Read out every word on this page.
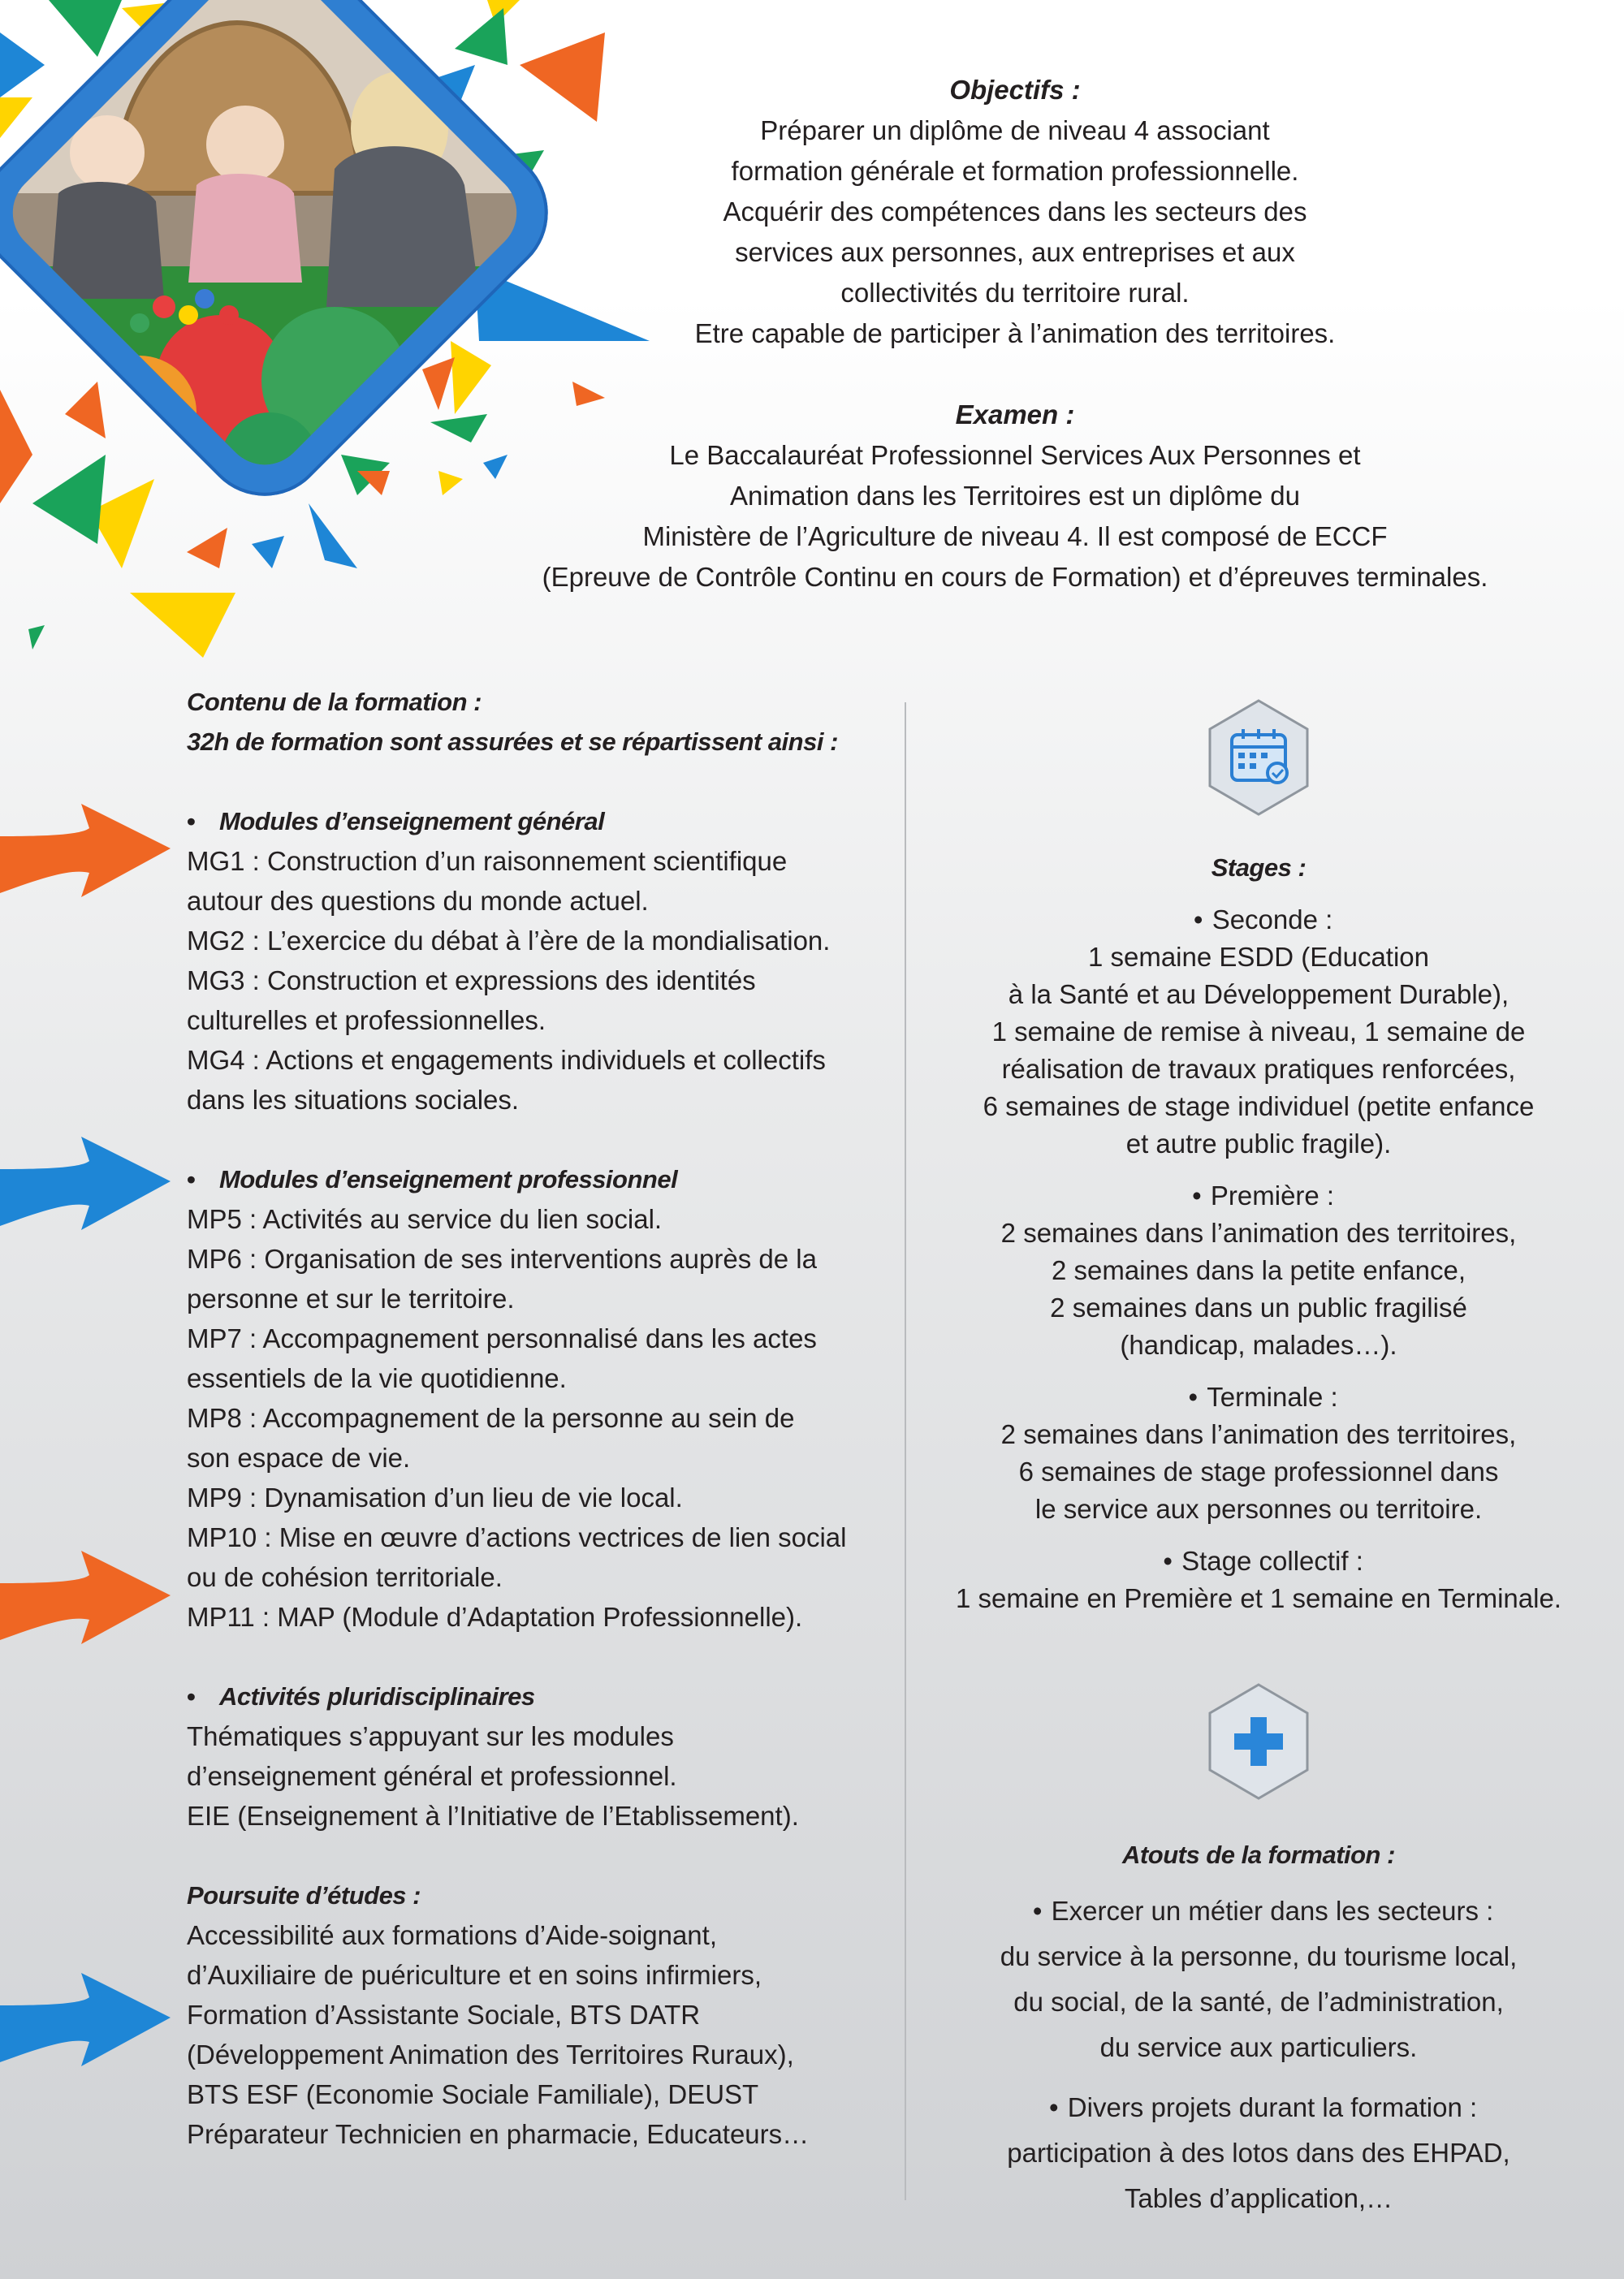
Objectifs :
Préparer un diplôme de niveau 4 associant
formation générale et formation professionnelle.
Acquérir des compétences dans les secteurs des
services aux personnes, aux entreprises et aux
collectivités du territoire rural.
Etre capable de participer à l’animation des territoires.
Examen :
Le Baccalauréat Professionnel Services Aux Personnes et
Animation dans les Territoires est un diplôme du
Ministère de l’Agriculture de niveau 4. Il est composé de ECCF
(Epreuve de Contrôle Continu en cours de Formation) et d’épreuves terminales.
Contenu de la formation :
32h de formation sont assurées et se répartissent ainsi :
• Modules d’enseignement général
MG1 : Construction d’un raisonnement scientifique
autour des questions du monde actuel.
MG2 : L’exercice du débat à l’ère de la mondialisation.
MG3 : Construction et expressions des identités
culturelles et professionnelles.
MG4 : Actions et engagements individuels et collectifs
dans les situations sociales.
• Modules d’enseignement professionnel
MP5 : Activités au service du lien social.
MP6 : Organisation de ses interventions auprès de la
personne et sur le territoire.
MP7 : Accompagnement personnalisé dans les actes
essentiels de la vie quotidienne.
MP8 : Accompagnement de la personne au sein de
son espace de vie.
MP9 : Dynamisation d’un lieu de vie local.
MP10 : Mise en œuvre d’actions vectrices de lien social
ou de cohésion territoriale.
MP11 : MAP (Module d’Adaptation Professionnelle).
• Activités pluridisciplinaires
Thématiques s’appuyant sur les modules
d’enseignement général et professionnel.
EIE (Enseignement à l’Initiative de l’Etablissement).
Poursuite d’études :
Accessibilité aux formations d’Aide-soignant,
d’Auxiliaire de puériculture et en soins infirmiers,
Formation d’Assistante Sociale, BTS DATR
(Développement Animation des Territoires Ruraux),
BTS ESF (Economie Sociale Familiale), DEUST
Préparateur Technicien en pharmacie, Educateurs…
Stages :
• Seconde :
1 semaine ESDD (Education
à la Santé et au Développement Durable),
1 semaine de remise à niveau, 1 semaine de
réalisation de travaux pratiques renforcées,
6 semaines de stage individuel (petite enfance
et autre public fragile).
• Première :
2 semaines dans l’animation des territoires,
2 semaines dans la petite enfance,
2 semaines dans un public fragilisé
(handicap, malades…).
• Terminale :
2 semaines dans l’animation des territoires,
6 semaines de stage professionnel dans
le service aux personnes ou territoire.
• Stage collectif :
1 semaine en Première et 1 semaine en Terminale.
Atouts de la formation :
• Exercer un métier dans les secteurs :
du service à la personne, du tourisme local,
du social, de la santé, de l’administration,
du service aux particuliers.
• Divers projets durant la formation :
participation à des lotos dans des EHPAD,
Tables d’application,…
